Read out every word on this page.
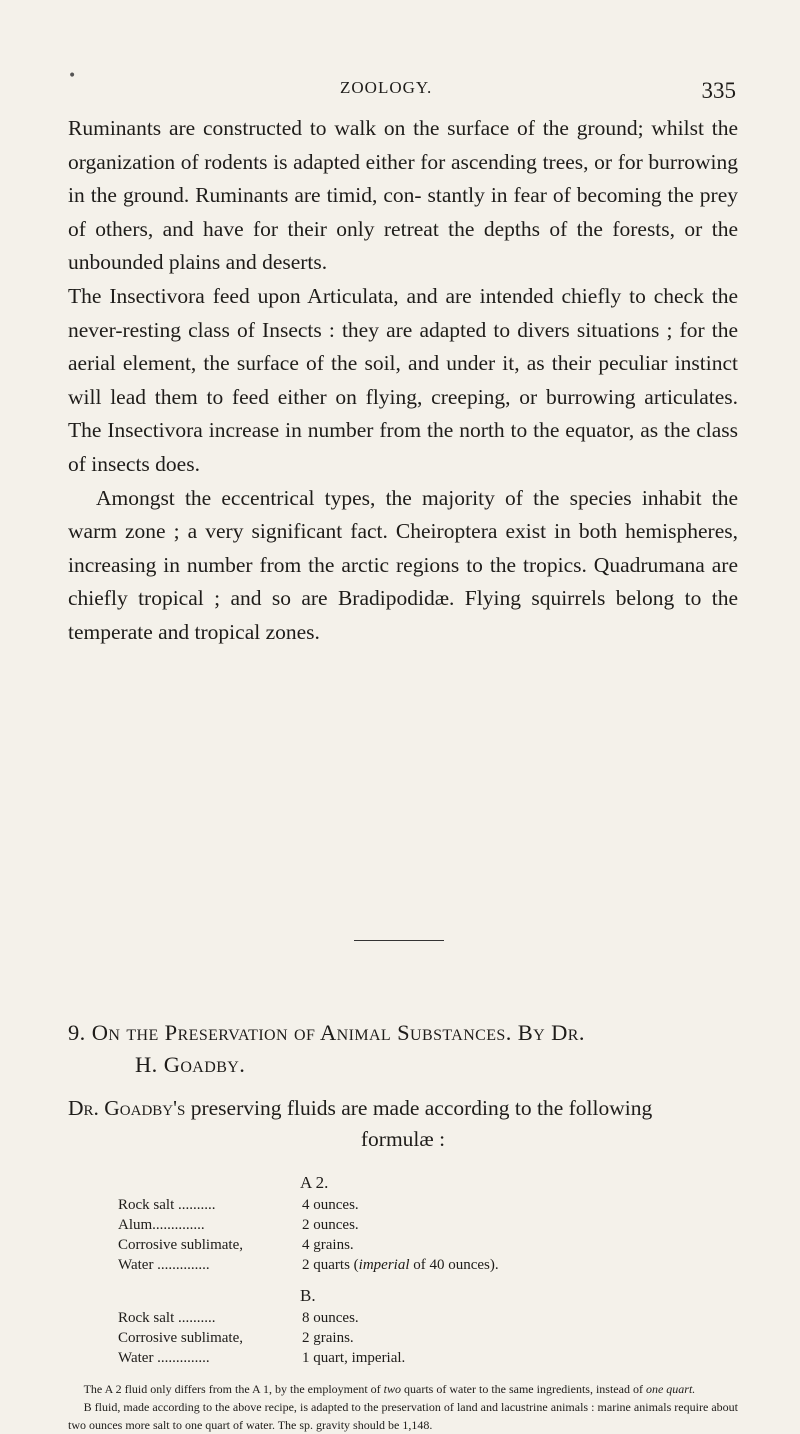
•
ZOOLOGY.	335

Ruminants are constructed to walk on the surface of the ground; whilst the organization of rodents is adapted either for ascending trees, or for burrowing in the ground. Ruminants are timid, con- stantly in fear of becoming the prey of others, and have for their only retreat the depths of the forests, or the unbounded plains and deserts.

The Insectivora feed upon Articulata, and are intended chiefly to check the never-resting class of Insects : they are adapted to divers situations ; for the aerial element, the surface of the soil, and under it, as their peculiar instinct will lead them to feed either on flying, creeping, or burrowing articulates. The Insectivora increase in number from the north to the equator, as the class of insects does.

Amongst the eccentrical types, the majority of the species inhabit the warm zone ; a very significant fact. Cheiroptera exist in both hemispheres, increasing in number from the arctic regions to the tropics. Quadrumana are chiefly tropical ; and so are Bradipodidæ. Flying squirrels belong to the temperate and tropical zones.

9. On the Preservation of Animal Substances. By Dr.
H. Goadby.
Dr. Goadby's preserving fluids are made according to the following
formulæ :
A 2.
Rock salt ..........	4 ounces.
Alum..............	2 ounces.
Corrosive sublimate,	4 grains.
Water ..............	2 quarts (imperial of 40 ounces).
B.
Rock salt ..........	8 ounces.
Corrosive sublimate,	2 grains.
Water ..............	1 quart, imperial.

The A 2 fluid only differs from the A 1, by the employment of two quarts of water to the same ingredients, instead of one quart.

B fluid, made according to the above recipe, is adapted to the preservation of land and lacustrine animals : marine animals require about two ounces more salt to one quart of water. The sp. gravity should be 1,148.
